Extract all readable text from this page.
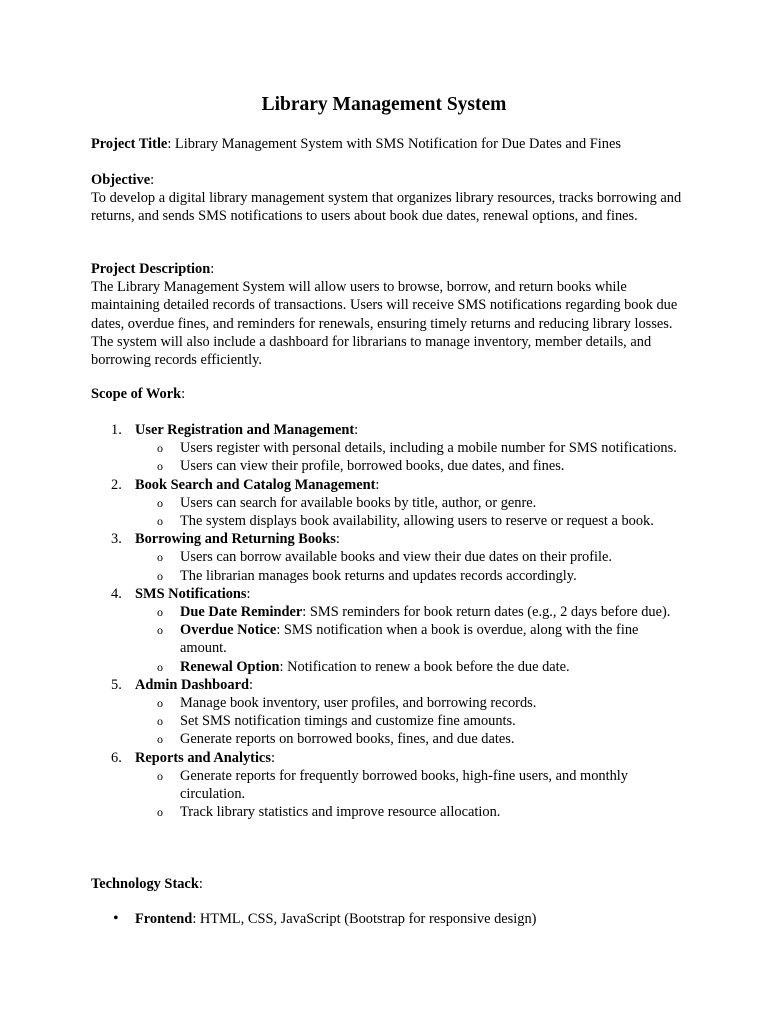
Library Management System

Project Title: Library Management System with SMS Notification for Due Dates and Fines

Objective:

To develop a digital library management system that organizes library resources, tracks borrowing and returns, and sends SMS notifications to users about book due dates, renewal options, and fines.

Project Description:

The Library Management System will allow users to browse, borrow, and return books while maintaining detailed records of transactions. Users will receive SMS notifications regarding book due dates, overdue fines, and reminders for renewals, ensuring timely returns and reducing library losses. The system will also include a dashboard for librarians to manage inventory, member details, and borrowing records efficiently.

Scope of Work:

1. User Registration and Management:
o Users register with personal details, including a mobile number for SMS notifications.
o Users can view their profile, borrowed books, due dates, and fines.
2. Book Search and Catalog Management:
o Users can search for available books by title, author, or genre.
o The system displays book availability, allowing users to reserve or request a book.
3. Borrowing and Returning Books:
o Users can borrow available books and view their due dates on their profile.
o The librarian manages book returns and updates records accordingly.
4. SMS Notifications:
o Due Date Reminder: SMS reminders for book return dates (e.g., 2 days before due).
o Overdue Notice: SMS notification when a book is overdue, along with the fine amount.
o Renewal Option: Notification to renew a book before the due date.
5. Admin Dashboard:
o Manage book inventory, user profiles, and borrowing records.
o Set SMS notification timings and customize fine amounts.
o Generate reports on borrowed books, fines, and due dates.
6. Reports and Analytics:
o Generate reports for frequently borrowed books, high-fine users, and monthly circulation.
o Track library statistics and improve resource allocation.

Technology Stack:

• Frontend: HTML, CSS, JavaScript (Bootstrap for responsive design)
